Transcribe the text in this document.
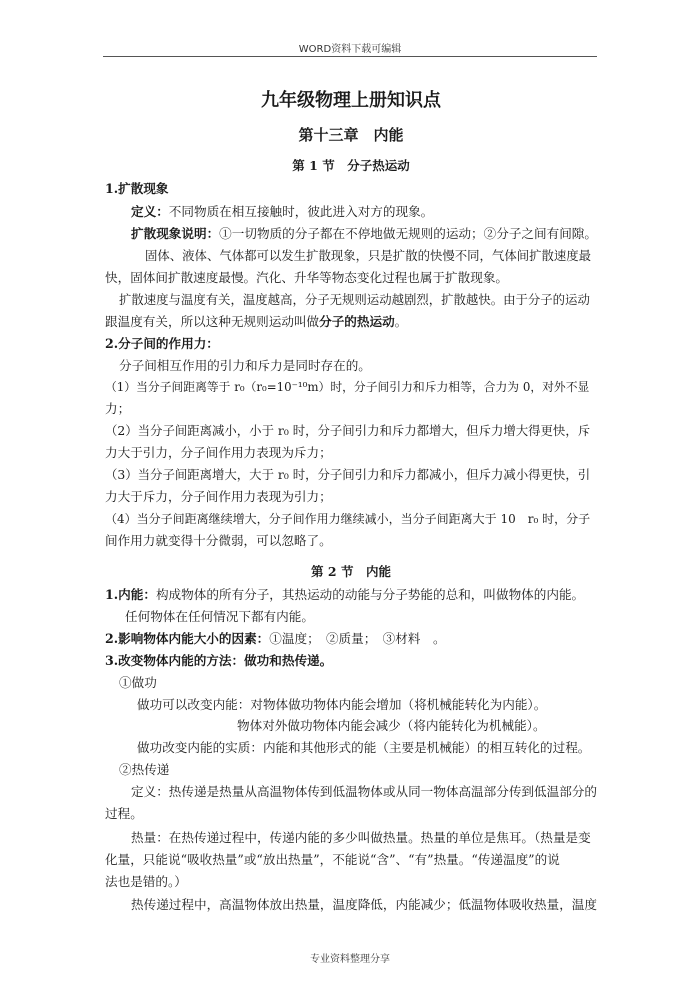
WORD资料下载可编辑
九年级物理上册知识点
第十三章　内能
第 1 节　分子热运动
1.扩散现象
定义：不同物质在相互接触时，彼此进入对方的现象。
扩散现象说明：①一切物质的分子都在不停地做无规则的运动；②分子之间有间隙。
固体、液体、气体都可以发生扩散现象，只是扩散的快慢不同，气体间扩散速度最
快，固体间扩散速度最慢。汽化、升华等物态变化过程也属于扩散现象。
扩散速度与温度有关，温度越高，分子无规则运动越剧烈，扩散越快。由于分子的运动
跟温度有关，所以这种无规则运动叫做分子的热运动。
2.分子间的作用力：
分子间相互作用的引力和斥力是同时存在的。
（1）当分子间距离等于 r₀（r₀=10⁻¹⁰m）时，分子间引力和斥力相等，合力为 0，对外不显
力；
（2）当分子间距离减小，小于 r₀ 时，分子间引力和斥力都增大，但斥力增大得更快，斥
力大于引力，分子间作用力表现为斥力；
（3）当分子间距离增大，大于 r₀ 时，分子间引力和斥力都减小，但斥力减小得更快，引
力大于斥力，分子间作用力表现为引力；
（4）当分子间距离继续增大，分子间作用力继续减小，当分子间距离大于 10　r₀ 时，分子
间作用力就变得十分微弱，可以忽略了。
第 2 节　内能
1.内能：构成物体的所有分子，其热运动的动能与分子势能的总和，叫做物体的内能。
任何物体在任何情况下都有内能。
2.影响物体内能大小的因素：①温度；　②质量；　③材料　。
3.改变物体内能的方法：做功和热传递。
①做功
做功可以改变内能：对物体做功物体内能会增加（将机械能转化为内能）。
物体对外做功物体内能会减少（将内能转化为机械能）。
做功改变内能的实质：内能和其他形式的能（主要是机械能）的相互转化的过程。
②热传递
定义：热传递是热量从高温物体传到低温物体或从同一物体高温部分传到低温部分的
过程。
热量：在热传递过程中，传递内能的多少叫做热量。热量的单位是焦耳。（热量是变
化量，只能说“吸收热量”或“放出热量”，不能说“含”、“有”热量。“传递温度”的说
法也是错的。）
热传递过程中，高温物体放出热量，温度降低，内能减少；低温物体吸收热量，温度
专业资料整理分享
